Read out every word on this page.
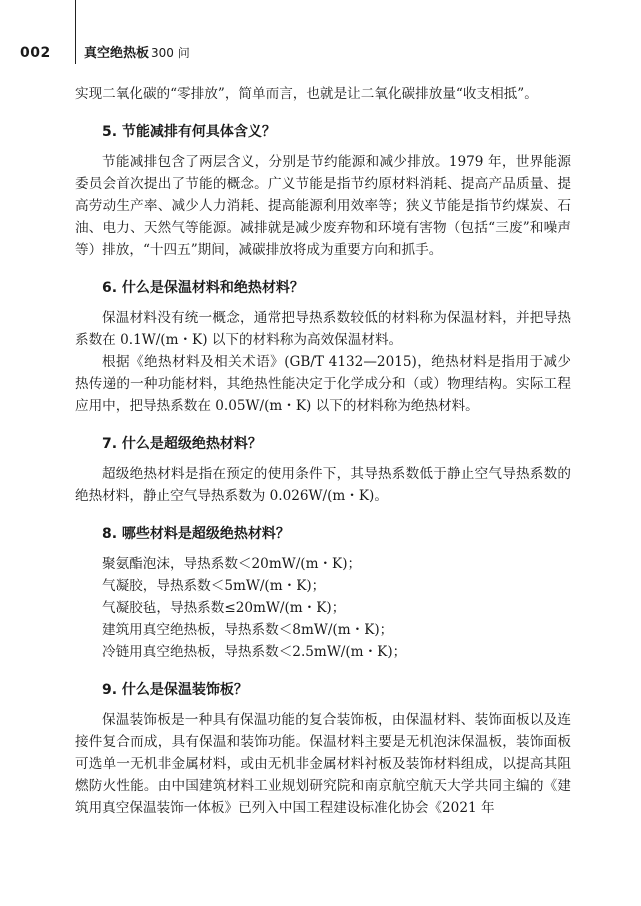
002	真空绝热板 300 问

实现二氧化碳的“零排放”，简单而言，也就是让二氧化碳排放量“收支相抵”。

5. 节能减排有何具体含义？

节能减排包含了两层含义，分别是节约能源和减少排放。1979 年，世界能源委员会首次提出了节能的概念。广义节能是指节约原材料消耗、提高产品质量、提高劳动生产率、减少人力消耗、提高能源利用效率等；狭义节能是指节约煤炭、石油、电力、天然气等能源。减排就是减少废弃物和环境有害物（包括“三废”和噪声等）排放，“十四五”期间，减碳排放将成为重要方向和抓手。

6. 什么是保温材料和绝热材料？

保温材料没有统一概念，通常把导热系数较低的材料称为保温材料，并把导热系数在 0.1W/(m・K) 以下的材料称为高效保温材料。

根据《绝热材料及相关术语》(GB/T 4132—2015)，绝热材料是指用于减少热传递的一种功能材料，其绝热性能决定于化学成分和（或）物理结构。实际工程应用中，把导热系数在 0.05W/(m・K) 以下的材料称为绝热材料。

7. 什么是超级绝热材料？

超级绝热材料是指在预定的使用条件下，其导热系数低于静止空气导热系数的绝热材料，静止空气导热系数为 0.026W/(m・K)。

8. 哪些材料是超级绝热材料？
聚氨酯泡沫，导热系数＜20mW/(m・K)；
气凝胶，导热系数＜5mW/(m・K)；
气凝胶毡，导热系数≤20mW/(m・K)；
建筑用真空绝热板，导热系数＜8mW/(m・K)；
冷链用真空绝热板，导热系数＜2.5mW/(m・K)；
9. 什么是保温装饰板？

保温装饰板是一种具有保温功能的复合装饰板，由保温材料、装饰面板以及连接件复合而成，具有保温和装饰功能。保温材料主要是无机泡沫保温板，装饰面板可选单一无机非金属材料，或由无机非金属材料衬板及装饰材料组成，以提高其阻燃防火性能。由中国建筑材料工业规划研究院和南京航空航天大学共同主编的《建筑用真空保温装饰一体板》已列入中国工程建设标准化协会《2021 年
